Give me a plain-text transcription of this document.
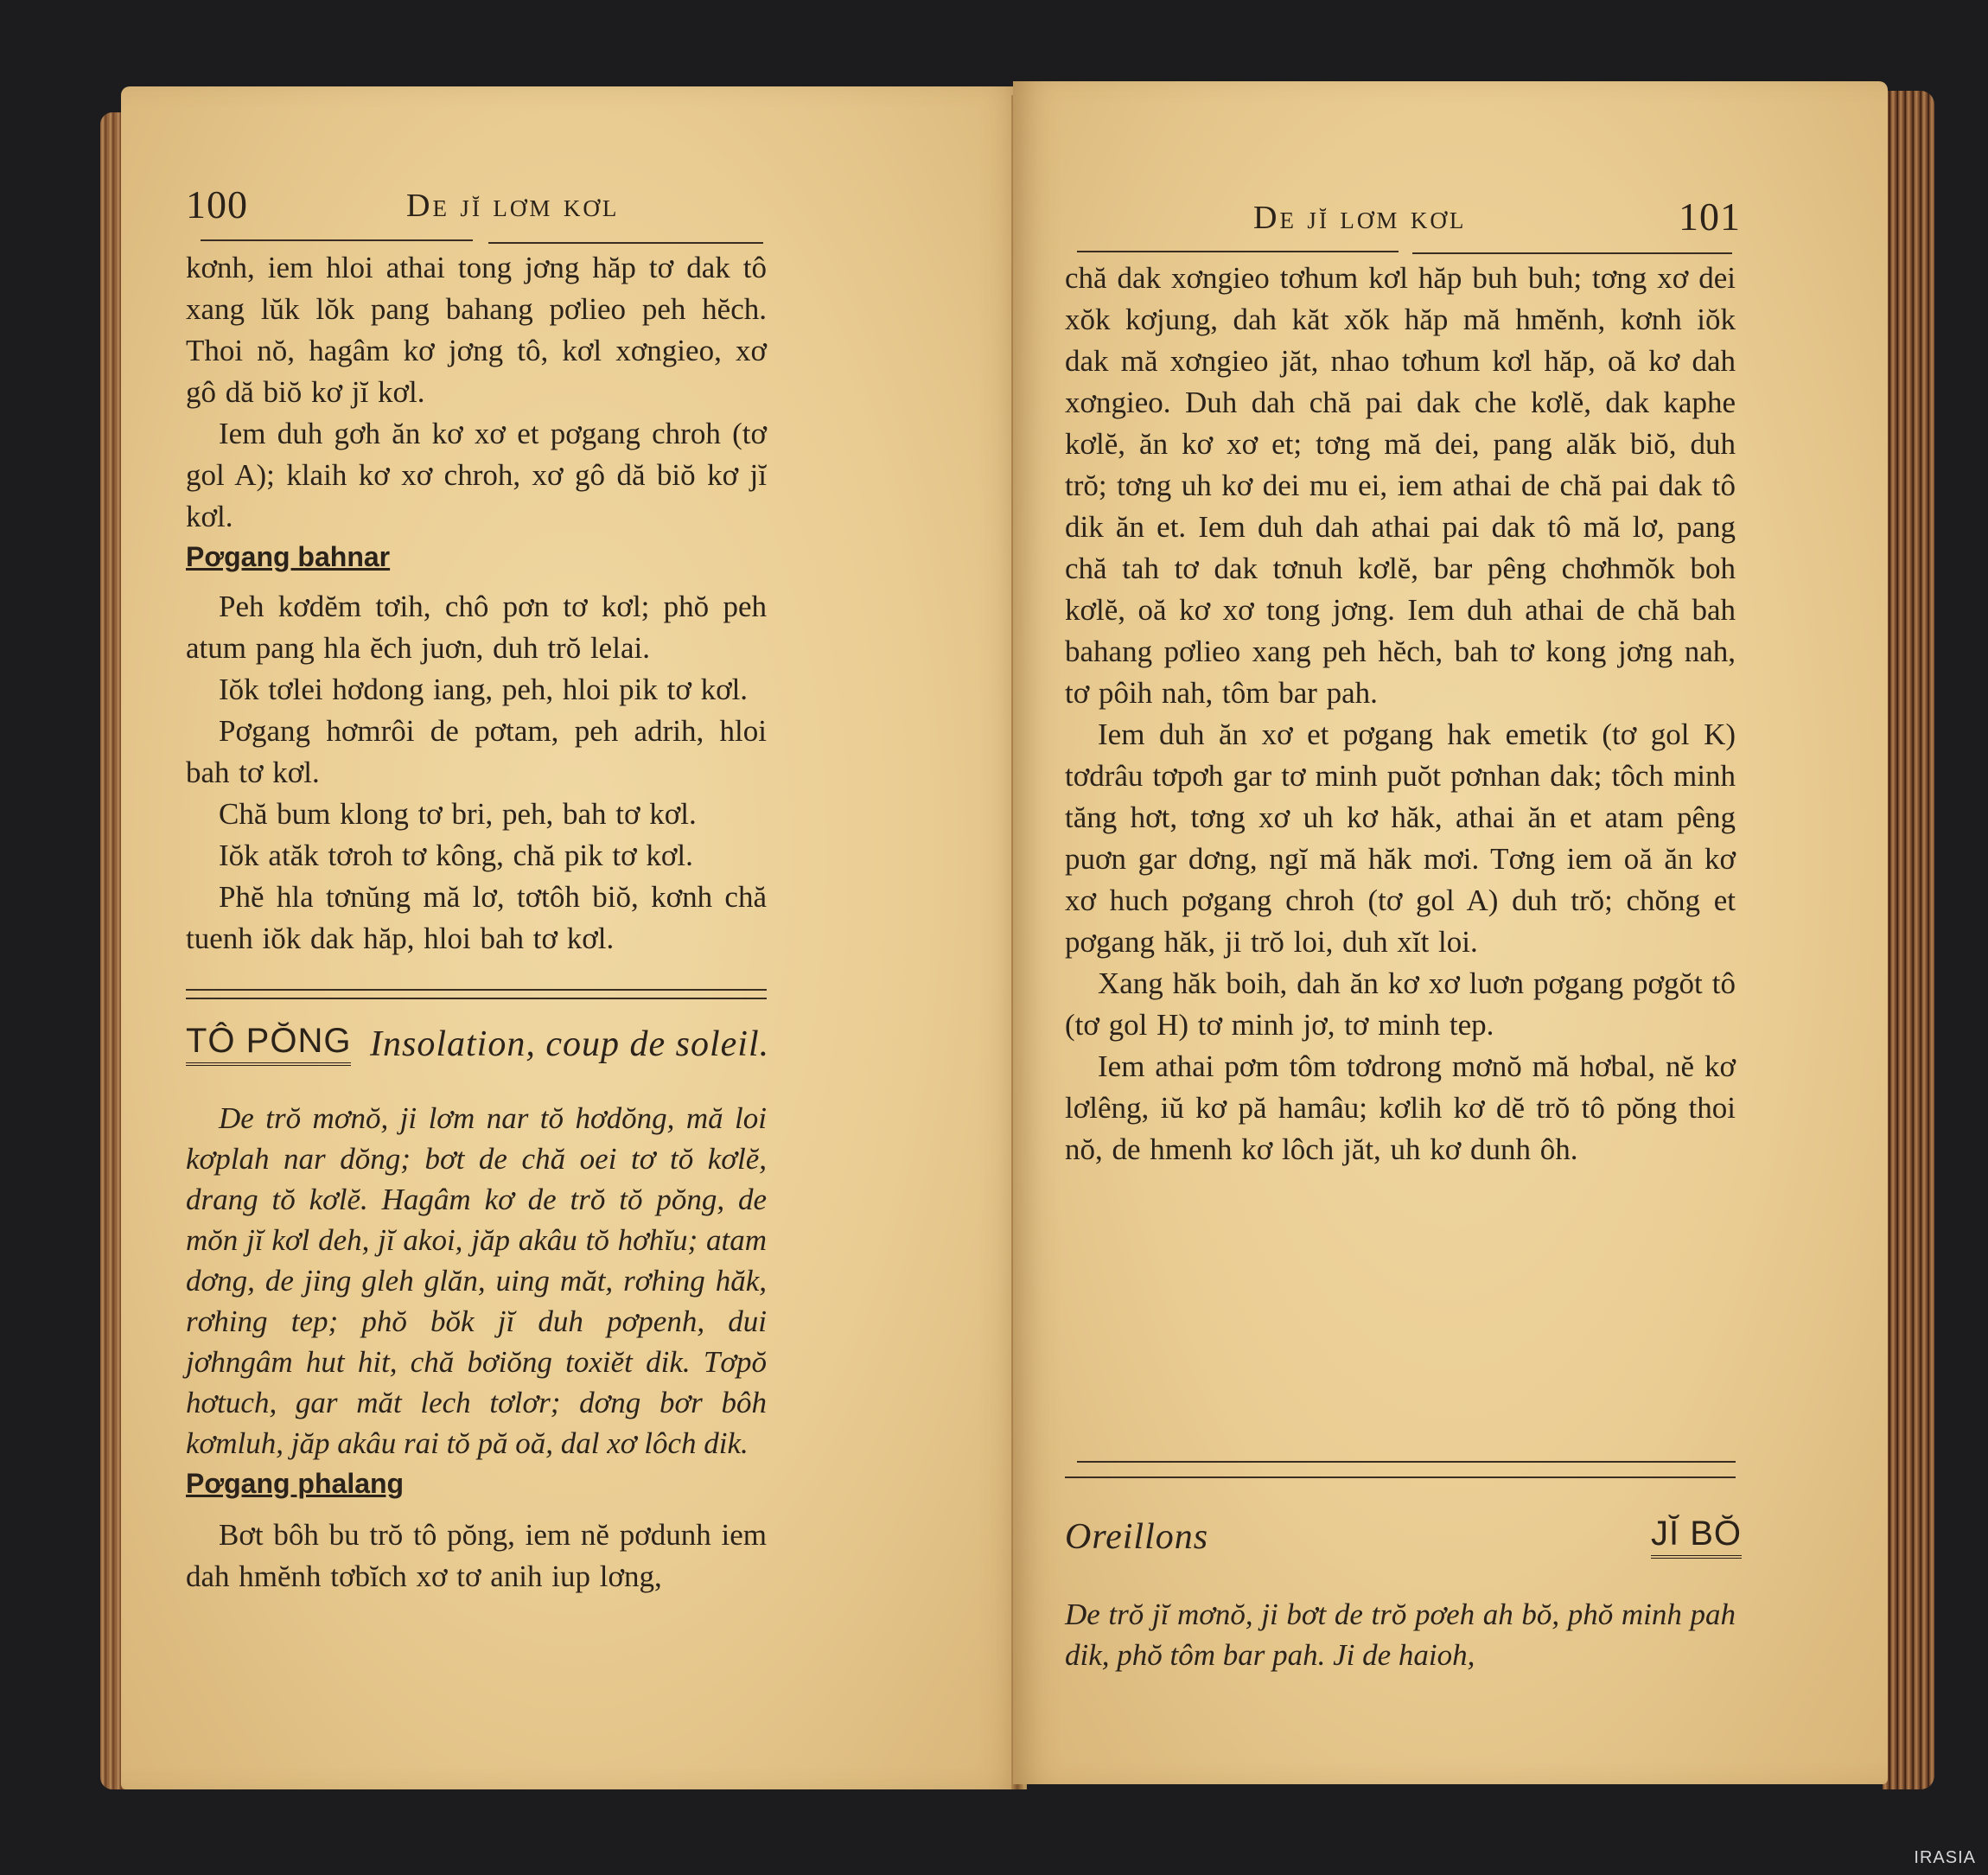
100	De jĭ lơm kơl

kơnh, iem hloi athai tong jơng hăp tơ dak tô xang lŭk lŏk pang bahang pơlieo peh hĕch. Thoi nŏ, hagâm kơ jơng tô, kơl xơngieo, xơ gô dă biŏ kơ jĭ kơl.

Iem duh gơh ăn kơ xơ et pơgang chroh (tơ gol A); klaih kơ xơ chroh, xơ gô dă biŏ kơ jĭ kơl.

Pơgang bahnar

Peh kơdĕm tơih, chô pơn tơ kơl; phŏ peh atum pang hla ĕch juơn, duh trŏ lelai.

Iŏk tơlei hơdong iang, peh, hloi pik tơ kơl.

Pơgang hơmrôi de pơtam, peh adrih, hloi bah tơ kơl.

Chă bum klong tơ bri, peh, bah tơ kơl.

Iŏk atăk tơroh tơ kông, chă pik tơ kơl.

Phĕ hla tơnŭng mă lơ, tơtôh biŏ, kơnh chă tuenh iŏk dak hăp, hloi bah tơ kơl.

TÔ PŎNG Insolation, coup de soleil.
De trŏ mơnŏ, ji lơm nar tŏ hơdŏng, mă loi kơplah nar dŏng; bơt de chă oei tơ tŏ kơlĕ, drang tŏ kơlĕ. Hagâm kơ de trŏ tŏ pŏng, de mŏn jĭ kơl deh, jĭ akoi, jăp akâu tŏ hơhĭu; atam dơng, de jing gleh glăn, uing măt, rơhing hăk, rơhing tep; phŏ bŏk jĭ duh pơpenh, dui jơhngâm hut hit, chă bơiŏng toxiĕt dik. Tơpŏ hơtuch, gar măt lech tơlơr; dơng bơr bôh kơmluh, jăp akâu rai tŏ pă oă, dal xơ lôch dik.
Pơgang phalang

Bơt bôh bu trŏ tô pŏng, iem nĕ pơdunh iem dah hmĕnh tơbĭch xơ tơ anih iup lơng,

De jĭ lơm kơl	101

chă dak xơngieo tơhum kơl hăp buh buh; tơng xơ dei xŏk kơjung, dah kăt xŏk hăp mă hmĕnh, kơnh iŏk dak mă xơngieo jăt, nhao tơhum kơl hăp, oă kơ dah xơngieo. Duh dah chă pai dak che kơlĕ, dak kaphe kơlĕ, ăn kơ xơ et; tơng mă dei, pang alăk biŏ, duh trŏ; tơng uh kơ dei mu ei, iem athai de chă pai dak tô dik ăn et. Iem duh dah athai pai dak tô mă lơ, pang chă tah tơ dak tơnuh kơlĕ, bar pêng chơhmŏk boh kơlĕ, oă kơ xơ tong jơng. Iem duh athai de chă bah bahang pơlieo xang peh hĕch, bah tơ kong jơng nah, tơ pôih nah, tôm bar pah.

Iem duh ăn xơ et pơgang hak emetik (tơ gol K) tơdrâu tơpơh gar tơ minh puŏt pơnhan dak; tôch minh tăng hơt, tơng xơ uh kơ hăk, athai ăn et atam pêng puơn gar dơng, ngĭ mă hăk mơi. Tơng iem oă ăn kơ xơ huch pơgang chroh (tơ gol A) duh trŏ; chŏng et pơgang hăk, ji trŏ loi, duh xĭt loi.

Xang hăk boih, dah ăn kơ xơ luơn pơgang pơgŏt tô (tơ gol H) tơ minh jơ, tơ minh tep.

Iem athai pơm tôm tơdrong mơnŏ mă hơbal, nĕ kơ lơlêng, iŭ kơ pă hamâu; kơlih kơ dĕ trŏ tô pŏng thoi nŏ, de hmenh kơ lôch jăt, uh kơ dunh ôh.

Oreillons	JĬ BŎ
De trŏ jĭ mơnŏ, ji bơt de trŏ pơeh ah bŏ, phŏ minh pah dik, phŏ tôm bar pah. Ji de haioh,
IRASIA
